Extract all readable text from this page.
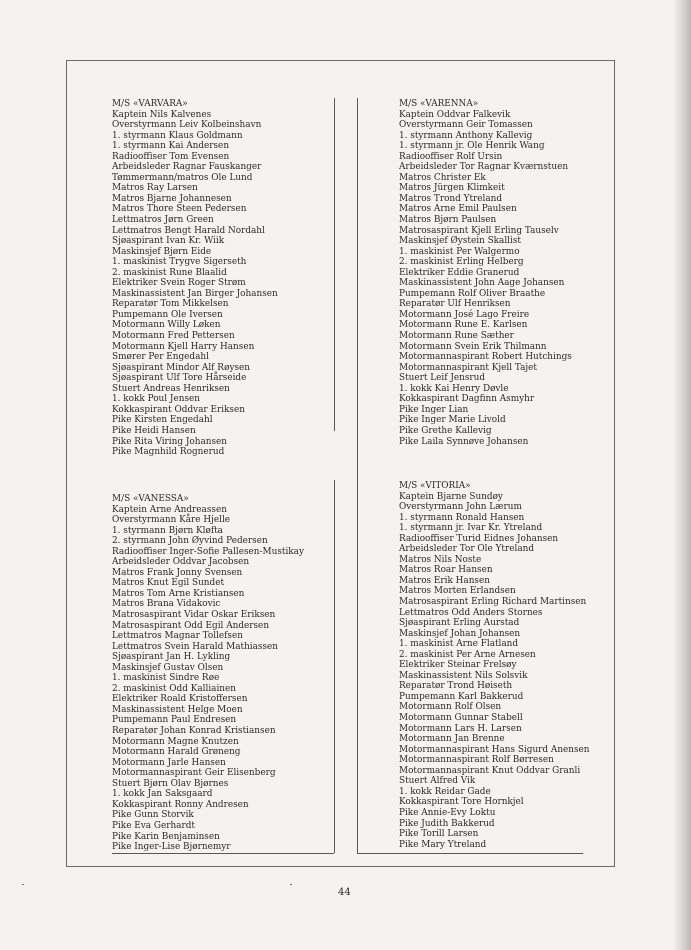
M/S «VARVARA»
Kaptein Nils Kalvenes
Overstyrmann Leiv Kolbeinshavn
1. styrmann Klaus Goldmann
1. styrmann Kai Andersen
Radiooffiser Tom Evensen
Arbeidsleder Ragnar Fauskanger
Tømmermann/matros Ole Lund
Matros Ray Larsen
Matros Bjarne Johannesen
Matros Thore Steen Pedersen
Lettmatros Jørn Green
Lettmatros Bengt Harald Nordahl
Sjøaspirant Ivan Kr. Wiik
Maskinsjef Bjørn Eide
1. maskinist Trygve Sigerseth
2. maskinist Rune Blaalid
Elektriker Svein Roger Strøm
Maskinassistent Jan Birger Johansen
Reparatør Tom Mikkelsen
Pumpemann Ole Iversen
Motormann Willy Løken
Motormann Fred Pettersen
Motormann Kjell Harry Hansen
Smører Per Engedahl
Sjøaspirant Mindor Alf Røysen
Sjøaspirant Ulf Tore Hårseide
Stuert Andreas Henriksen
1. kokk Poul Jensen
Kokkaspirant Oddvar Eriksen
Pike Kirsten Engedahl
Pike Heidi Hansen
Pike Rita Viring Johansen
Pike Magnhild Rognerud
M/S «VARENNA»
Kaptein Oddvar Falkevik
Overstyrmann Geir Tomassen
1. styrmann Anthony Kallevig
1. styrmann jr. Ole Henrik Wang
Radiooffiser Rolf Ursin
Arbeidsleder Tor Ragnar Kværnstuen
Matros Christer Ek
Matros Jürgen Klimkeit
Matros Trond Ytreland
Matros Arne Emil Paulsen
Matros Bjørn Paulsen
Matrosaspirant Kjell Erling Tauselv
Maskinsjef Øystein Skallist
1. maskinist Per Walgermo
2. maskinist Erling Helberg
Elektriker Eddie Granerud
Maskinassistent John Aage Johansen
Pumpemann Rolf Oliver Braathe
Reparatør Ulf Henriksen
Motormann José Lago Freire
Motormann Rune E. Karlsen
Motormann Rune Sæther
Motormann Svein Erik Thilmann
Motormannaspirant Robert Hutchings
Motormannaspirant Kjell Tajet
Stuert Leif Jensrud
1. kokk Kai Henry Døvle
Kokkaspirant Dagfinn Asmyhr
Pike Inger Lian
Pike Inger Marie Livold
Pike Grethe Kallevig
Pike Laila Synnøve Johansen
M/S «VANESSA»
Kaptein Arne Andreassen
Overstyrmann Kåre Hjelle
1. styrmann Bjørn Kløfta
2. styrmann John Øyvind Pedersen
Radiooffiser Inger-Sofie Pallesen-Mustikay
Arbeidsleder Oddvar Jacobsen
Matros Frank Jonny Svensen
Matros Knut Egil Sundet
Matros Tom Arne Kristiansen
Matros Brana Vidakovic
Matrosaspirant Vidar Oskar Eriksen
Matrosaspirant Odd Egil Andersen
Lettmatros Magnar Tollefsen
Lettmatros Svein Harald Mathiassen
Sjøaspirant Jan H. Lykling
Maskinsjef Gustav Olsen
1. maskinist Sindre Røe
2. maskinist Odd Kalliainen
Elektriker Roald Kristoffersen
Maskinassistent Helge Moen
Pumpemann Paul Endresen
Reparatør Johan Konrad Kristiansen
Motormann Magne Knutzen
Motormann Harald Grøneng
Motormann Jarle Hansen
Motormannaspirant Geir Elisenberg
Stuert Bjørn Olav Bjørnes
1. kokk Jan Saksgaard
Kokkaspirant Ronny Andresen
Pike Gunn Storvik
Pike Eva Gerhardt
Pike Karin Benjaminsen
Pike Inger-Lise Bjørnemyr
M/S «VITORIA»
Kaptein Bjarne Sundøy
Overstyrmann John Lærum
1. styrmann Ronald Hansen
1. styrmann jr. Ivar Kr. Ytreland
Radiooffiser Turid Eidnes Johansen
Arbeidsleder Tor Ole Ytreland
Matros Nils Noste
Matros Roar Hansen
Matros Erik Hansen
Matros Morten Erlandsen
Matrosaspirant Erling Richard Martinsen
Lettmatros Odd Anders Stornes
Sjøaspirant Erling Aurstad
Maskinsjef Johan Johansen
1. maskinist Arne Flatland
2. maskinist Per Arne Arnesen
Elektriker Steinar Frelsøy
Maskinassistent Nils Solsvik
Reparatør Trond Høiseth
Pumpemann Karl Bakkerud
Motormann Rolf Olsen
Motormann Gunnar Stabell
Motormann Lars H. Larsen
Motormann Jan Brenne
Motormannaspirant Hans Sigurd Anensen
Motormannaspirant Rolf Børresen
Motormannaspirant Knut Oddvar Granli
Stuert Alfred Vik
1. kokk Reidar Gade
Kokkaspirant Tore Hornkjel
Pike Annie-Evy Loktu
Pike Judith Bakkerud
Pike Torill Larsen
Pike Mary Ytreland
44
